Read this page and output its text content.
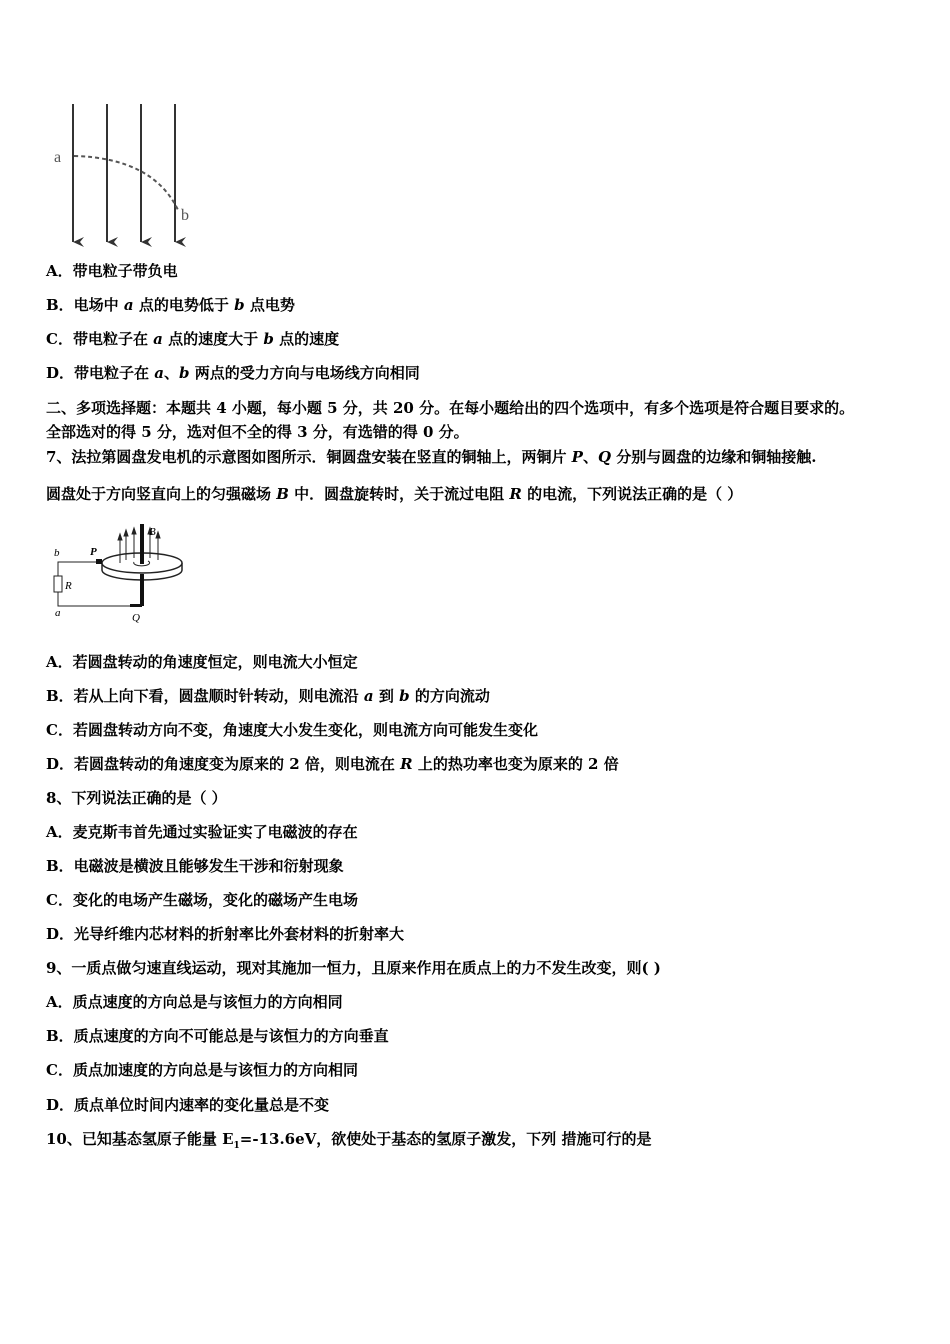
a
b
A．带电粒子带负电
B．电场中 a 点的电势低于 b 点电势
C．带电粒子在 a 点的速度大于 b 点的速度
D．带电粒子在 a、b 两点的受力方向与电场线方向相同
二、多项选择题：本题共 4 小题，每小题 5 分，共 20 分。在每小题给出的四个选项中，有多个选项是符合题目要求的。
全部选对的得 5 分，选对但不全的得 3 分，有选错的得 0 分。
7、法拉第圆盘发电机的示意图如图所示．铜圆盘安装在竖直的铜轴上，两铜片 P、Q 分别与圆盘的边缘和铜轴接触.
圆盘处于方向竖直向上的匀强磁场 B 中．圆盘旋转时，关于流过电阻 R 的电流，下列说法正确的是（ ）
b	P
B
R
a	Q
A．若圆盘转动的角速度恒定，则电流大小恒定
B．若从上向下看，圆盘顺时针转动，则电流沿 a 到 b 的方向流动
C．若圆盘转动方向不变，角速度大小发生变化，则电流方向可能发生变化
D．若圆盘转动的角速度变为原来的 2 倍，则电流在 R 上的热功率也变为原来的 2 倍
8、下列说法正确的是（ ）
A．麦克斯韦首先通过实验证实了电磁波的存在
B．电磁波是横波且能够发生干涉和衍射现象
C．变化的电场产生磁场，变化的磁场产生电场
D．光导纤维内芯材料的折射率比外套材料的折射率大
9、一质点做匀速直线运动，现对其施加一恒力，且原来作用在质点上的力不发生改变，则( )
A．质点速度的方向总是与该恒力的方向相同
B．质点速度的方向不可能总是与该恒力的方向垂直
C．质点加速度的方向总是与该恒力的方向相同
D．质点单位时间内速率的变化量总是不变
10、已知基态氢原子能量 $E_1=-13.6eV$，欲使处于基态的氢原子激发，下列 措施可行的是
